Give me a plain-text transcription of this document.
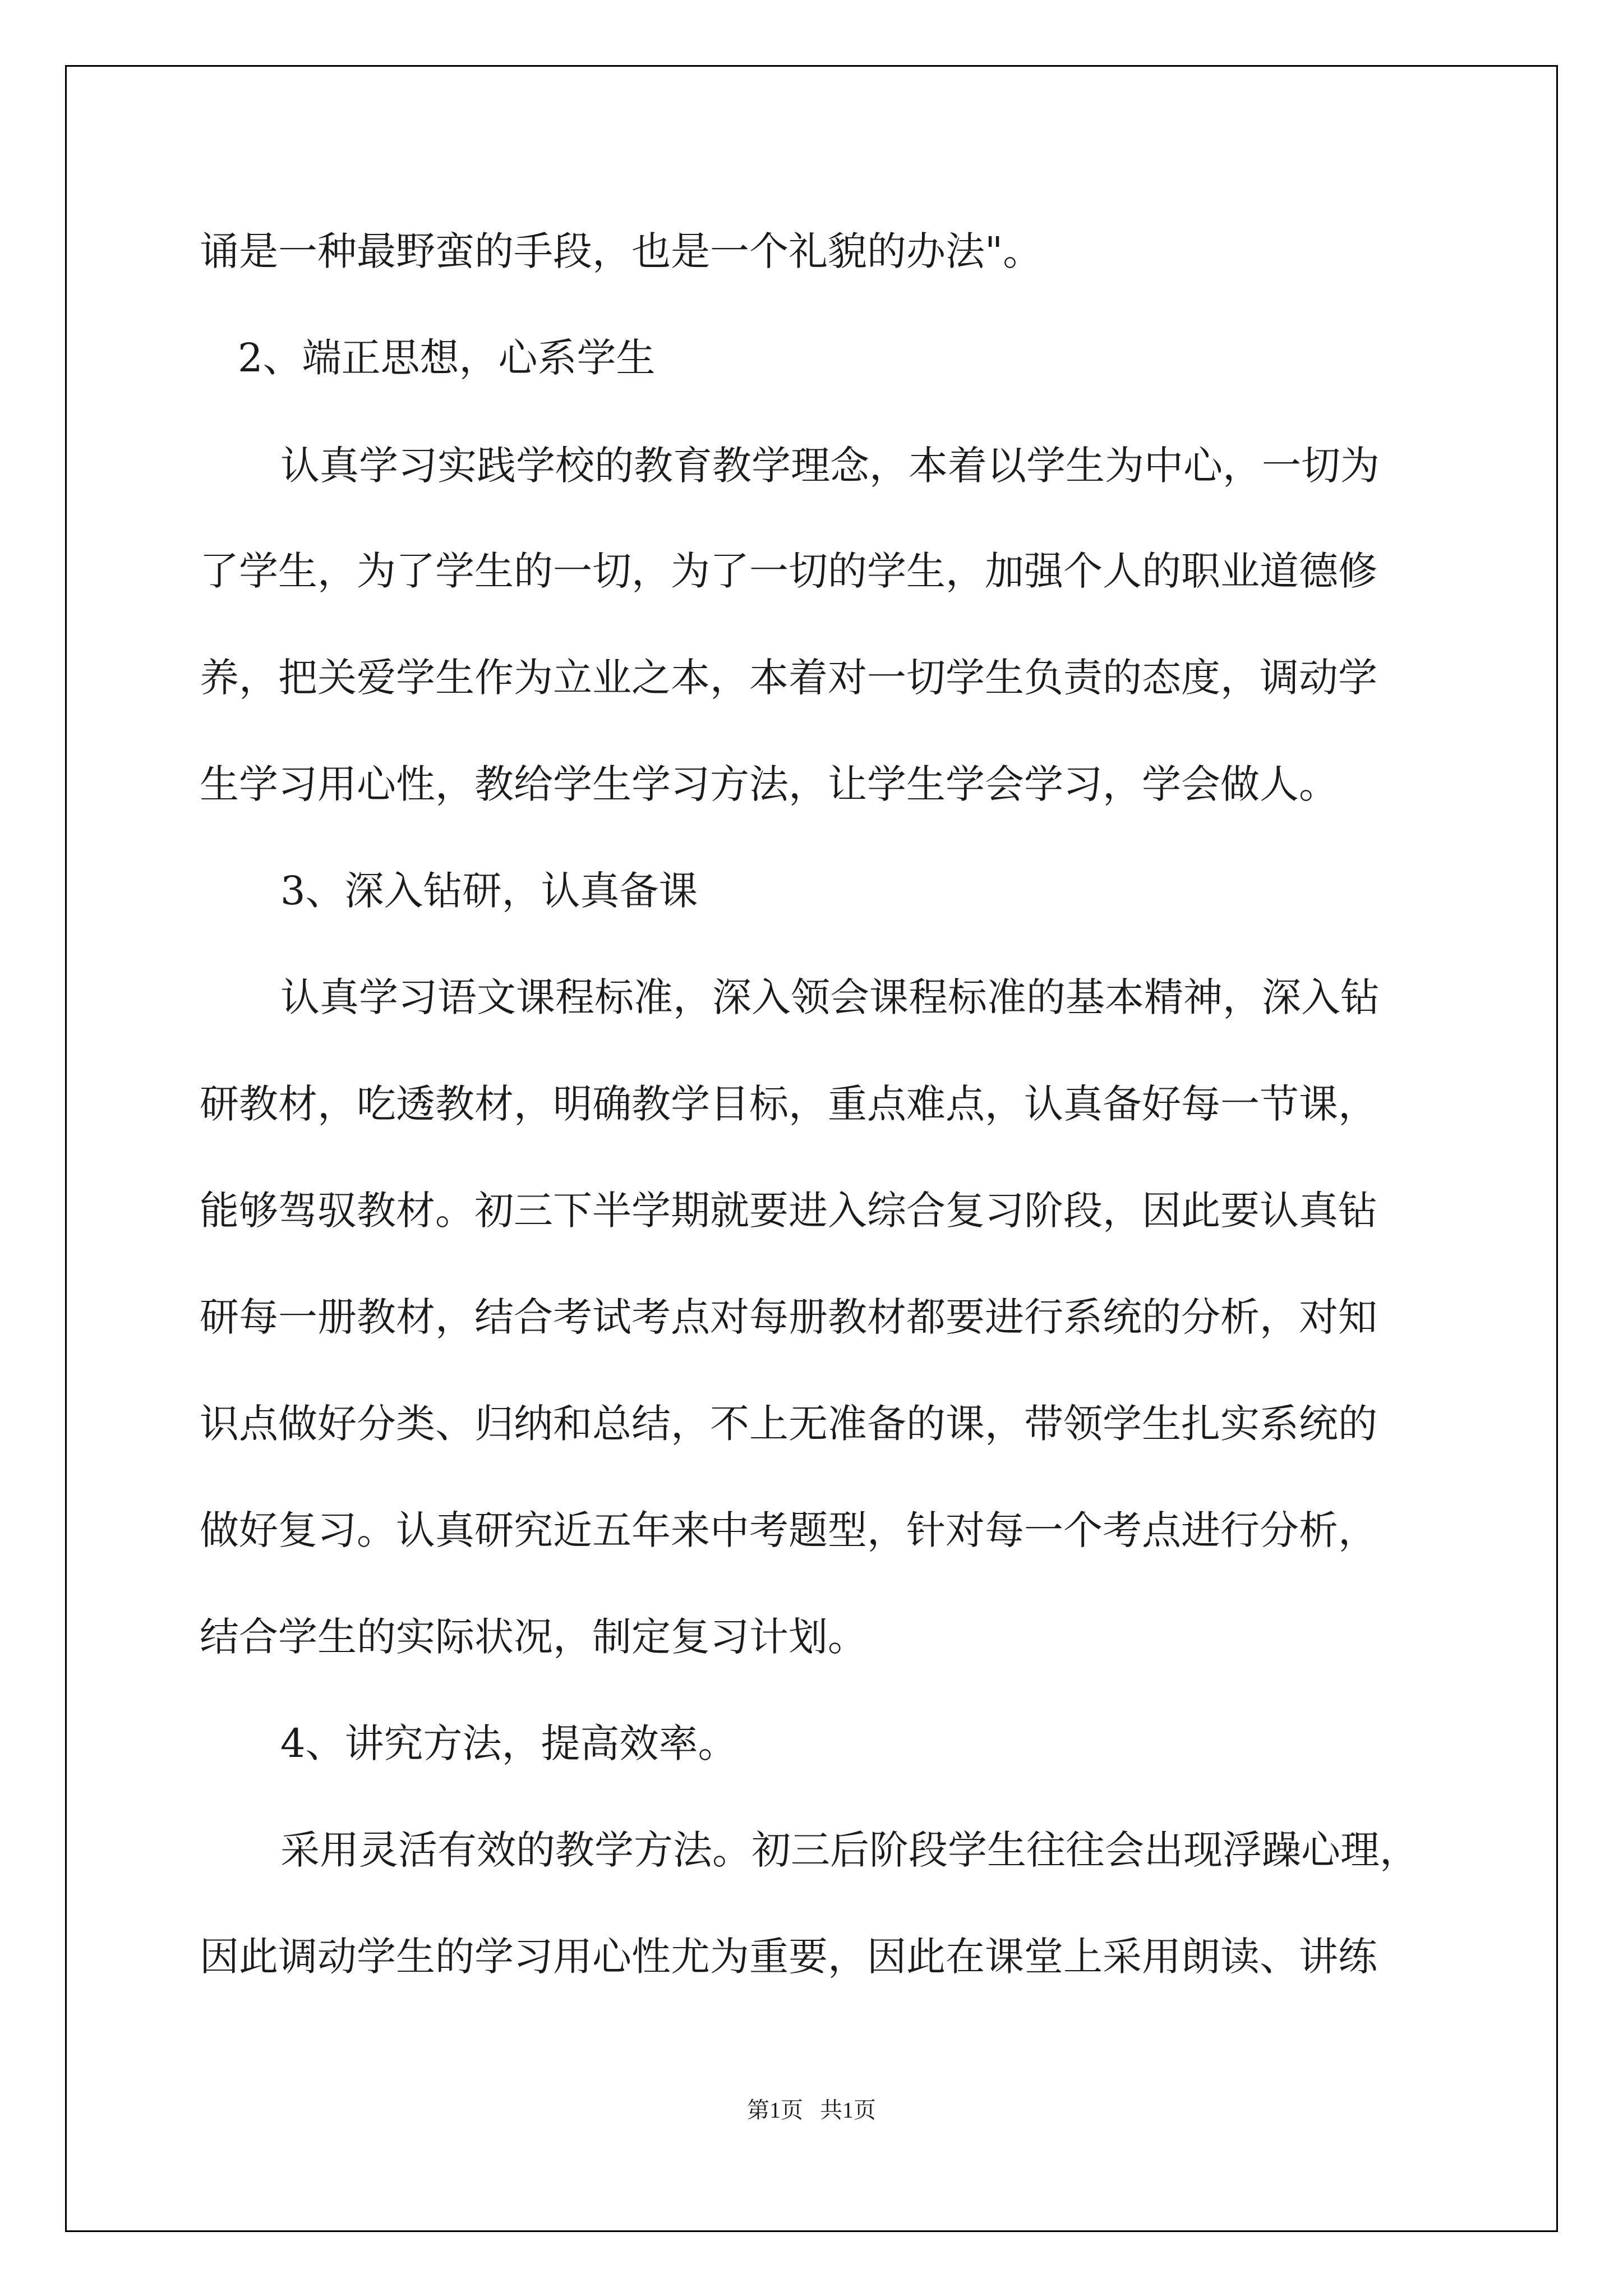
诵是一种最野蛮的手段，也是一个礼貌的办法"。

2、端正思想，心系学生

认真学习实践学校的教育教学理念，本着以学生为中心，一切为

了学生，为了学生的一切，为了一切的学生，加强个人的职业道德修

养，把关爱学生作为立业之本，本着对一切学生负责的态度，调动学

生学习用心性，教给学生学习方法，让学生学会学习，学会做人。

3、深入钻研，认真备课

认真学习语文课程标准，深入领会课程标准的基本精神，深入钻

研教材，吃透教材，明确教学目标，重点难点，认真备好每一节课，

能够驾驭教材。初三下半学期就要进入综合复习阶段，因此要认真钻

研每一册教材，结合考试考点对每册教材都要进行系统的分析，对知

识点做好分类、归纳和总结，不上无准备的课，带领学生扎实系统的

做好复习。认真研究近五年来中考题型，针对每一个考点进行分析，

结合学生的实际状况，制定复习计划。

4、讲究方法，提高效率。

采用灵活有效的教学方法。初三后阶段学生往往会出现浮躁心理，

因此调动学生的学习用心性尤为重要，因此在课堂上采用朗读、讲练

第1页   共1页
